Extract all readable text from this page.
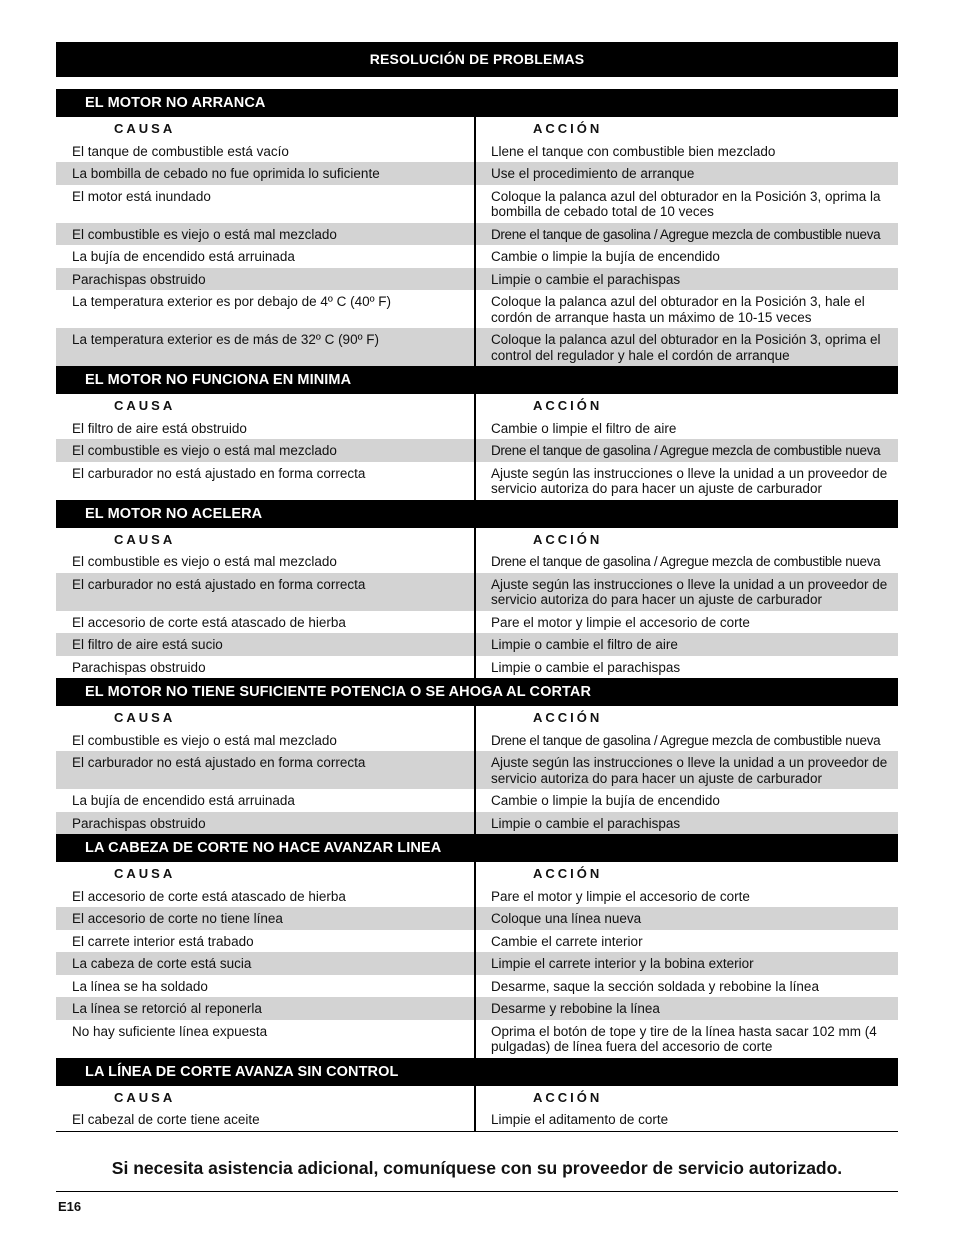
RESOLUCIÓN DE PROBLEMAS
EL MOTOR NO ARRANCA
CAUSA	ACCIÓN
El tanque de combustible está vacío	Llene el tanque con combustible bien mezclado
La bombilla de cebado no fue oprimida lo suficiente	Use el procedimiento de arranque
El motor está inundado	Coloque la palanca azul del obturador en la Posición 3, oprima la bombilla de cebado total de 10 veces
El combustible es viejo o está mal mezclado	Drene el tanque de gasolina / Agregue mezcla de combustible nueva
La bujía de encendido está arruinada	Cambie o limpie la bujía de encendido
Parachispas obstruido	Limpie o cambie el parachispas
La temperatura exterior es por debajo de 4º C (40º F)	Coloque la palanca azul del obturador en la Posición 3, hale el cordón de arranque hasta un máximo de 10-15 veces
La temperatura exterior es de más de 32º C (90º F)	Coloque la palanca azul del obturador en la Posición 3, oprima el control del regulador y hale el cordón de arranque
EL MOTOR NO FUNCIONA EN MINIMA
CAUSA	ACCIÓN
El filtro de aire está obstruido	Cambie o limpie el filtro de aire
El combustible es viejo o está mal mezclado	Drene el tanque de gasolina / Agregue mezcla de combustible nueva
El carburador no está ajustado en forma correcta	Ajuste según las instrucciones o lleve la unidad a un proveedor de servicio autoriza do para hacer un ajuste de carburador
EL MOTOR NO ACELERA
CAUSA	ACCIÓN
El combustible es viejo o está mal mezclado	Drene el tanque de gasolina / Agregue mezcla de combustible nueva
El carburador no está ajustado en forma correcta	Ajuste según las instrucciones o lleve la unidad a un proveedor de servicio autoriza do para hacer un ajuste de carburador
El accesorio de corte está atascado de hierba	Pare el motor y limpie el accesorio de corte
El filtro de aire está sucio	Limpie o cambie el filtro de aire
Parachispas obstruido	Limpie o cambie el parachispas
EL MOTOR NO TIENE SUFICIENTE POTENCIA O SE AHOGA AL CORTAR
CAUSA	ACCIÓN
El combustible es viejo o está mal mezclado	Drene el tanque de gasolina / Agregue mezcla de combustible nueva
El carburador no está ajustado en forma correcta	Ajuste según las instrucciones o lleve la unidad a un proveedor de servicio autoriza do para hacer un ajuste de carburador
La bujía de encendido está arruinada	Cambie o limpie la bujía de encendido
Parachispas obstruido	Limpie o cambie el parachispas
LA CABEZA DE CORTE NO HACE AVANZAR LINEA
CAUSA	ACCIÓN
El accesorio de corte está atascado de hierba	Pare el motor y limpie el accesorio de corte
El accesorio de corte no tiene línea	Coloque una línea nueva
El carrete interior está trabado	Cambie el carrete interior
La cabeza de corte está sucia	Limpie el carrete interior y la bobina exterior
La línea se ha soldado	Desarme, saque la sección soldada y rebobine la línea
La línea se retorció al reponerla	Desarme y rebobine la línea
No hay suficiente línea expuesta	Oprima el botón de tope y tire de la línea hasta sacar 102 mm (4 pulgadas) de línea fuera del accesorio de corte
LA LÍNEA DE CORTE AVANZA SIN CONTROL
CAUSA	ACCIÓN
El cabezal de corte tiene aceite	Limpie el aditamento de corte
Si necesita asistencia adicional, comuníquese con su proveedor de servicio autorizado.
E16
